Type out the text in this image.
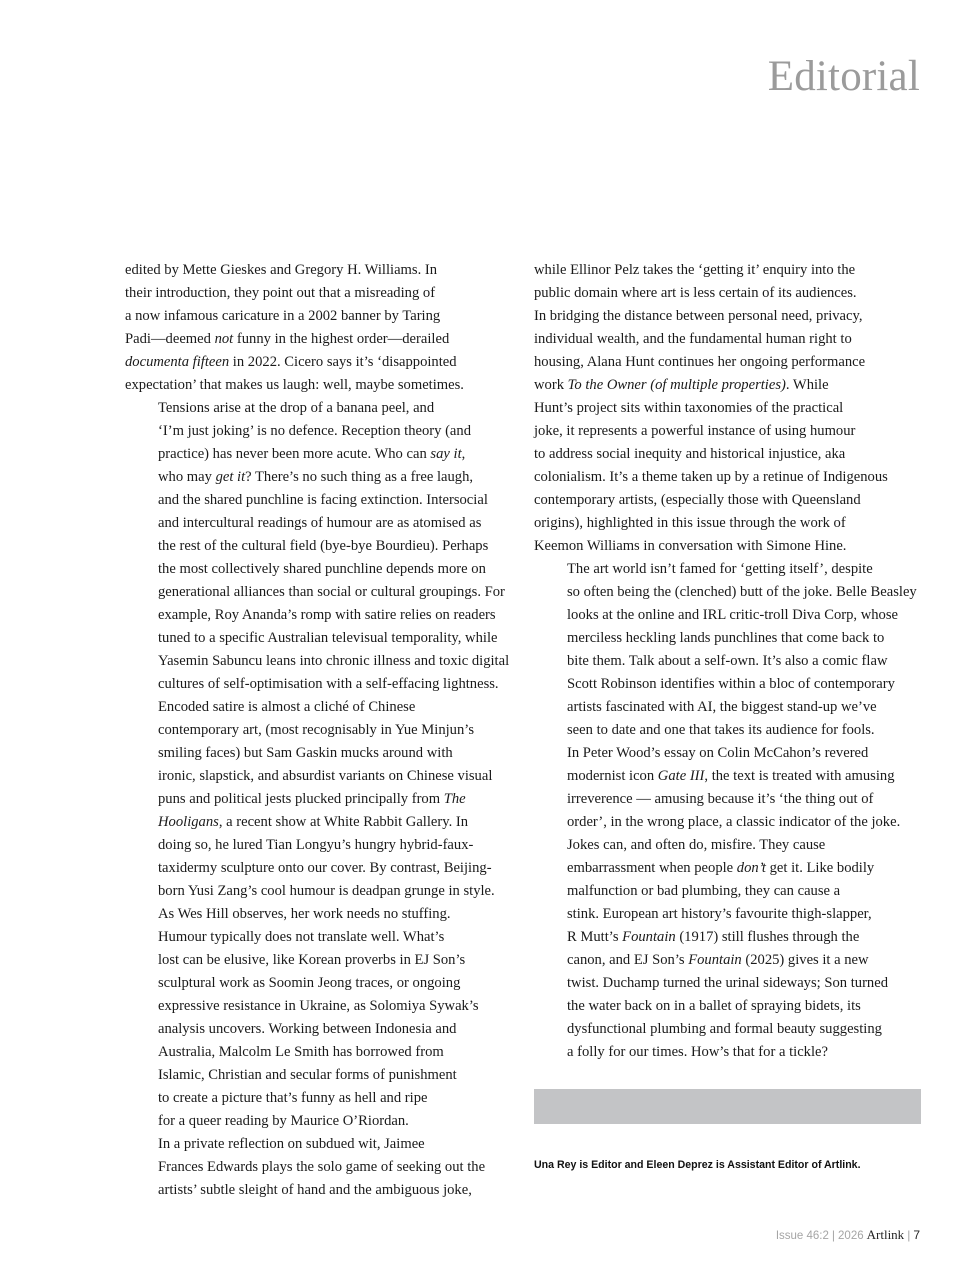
Editorial

edited by Mette Gieskes and Gregory H. Williams. In
their introduction, they point out that a misreading of
a now infamous caricature in a 2002 banner by Taring
Padi—deemed not funny in the highest order—derailed
documenta fifteen in 2022. Cicero says it’s ‘disappointed
expectation’ that makes us laugh: well, maybe sometimes.

Tensions arise at the drop of a banana peel, and
‘I’m just joking’ is no defence. Reception theory (and
practice) has never been more acute. Who can say it,
who may get it? There’s no such thing as a free laugh,
and the shared punchline is facing extinction. Intersocial
and intercultural readings of humour are as atomised as
the rest of the cultural field (bye-bye Bourdieu). Perhaps
the most collectively shared punchline depends more on
generational alliances than social or cultural groupings. For
example, Roy Ananda’s romp with satire relies on readers
tuned to a specific Australian televisual temporality, while
Yasemin Sabuncu leans into chronic illness and toxic digital
cultures of self-optimisation with a self-effacing lightness.

Encoded satire is almost a cliché of Chinese
contemporary art, (most recognisably in Yue Minjun’s
smiling faces) but Sam Gaskin mucks around with
ironic, slapstick, and absurdist variants on Chinese visual
puns and political jests plucked principally from The
Hooligans, a recent show at White Rabbit Gallery. In
doing so, he lured Tian Longyu’s hungry hybrid-faux-
taxidermy sculpture onto our cover. By contrast, Beijing-
born Yusi Zang’s cool humour is deadpan grunge in style.
As Wes Hill observes, her work needs no stuffing.

Humour typically does not translate well. What’s
lost can be elusive, like Korean proverbs in EJ Son’s
sculptural work as Soomin Jeong traces, or ongoing
expressive resistance in Ukraine, as Solomiya Sywak’s
analysis uncovers. Working between Indonesia and
Australia, Malcolm Le Smith has borrowed from
Islamic, Christian and secular forms of punishment
to create a picture that’s funny as hell and ripe
for a queer reading by Maurice O’Riordan.

In a private reflection on subdued wit, Jaimee
Frances Edwards plays the solo game of seeking out the
artists’ subtle sleight of hand and the ambiguous joke,

while Ellinor Pelz takes the ‘getting it’ enquiry into the
public domain where art is less certain of its audiences.
In bridging the distance between personal need, privacy,
individual wealth, and the fundamental human right to
housing, Alana Hunt continues her ongoing performance
work To the Owner (of multiple properties). While
Hunt’s project sits within taxonomies of the practical
joke, it represents a powerful instance of using humour
to address social inequity and historical injustice, aka
colonialism. It’s a theme taken up by a retinue of Indigenous
contemporary artists, (especially those with Queensland
origins), highlighted in this issue through the work of
Keemon Williams in conversation with Simone Hine.

The art world isn’t famed for ‘getting itself’, despite
so often being the (clenched) butt of the joke. Belle Beasley
looks at the online and IRL critic-troll Diva Corp, whose
merciless heckling lands punchlines that come back to
bite them. Talk about a self-own. It’s also a comic flaw
Scott Robinson identifies within a bloc of contemporary
artists fascinated with AI, the biggest stand-up we’ve
seen to date and one that takes its audience for fools.
In Peter Wood’s essay on Colin McCahon’s revered
modernist icon Gate III, the text is treated with amusing
irreverence — amusing because it’s ‘the thing out of
order’, in the wrong place, a classic indicator of the joke.

Jokes can, and often do, misfire. They cause
embarrassment when people don’t get it. Like bodily
malfunction or bad plumbing, they can cause a
stink. European art history’s favourite thigh-slapper,
R Mutt’s Fountain (1917) still flushes through the
canon, and EJ Son’s Fountain (2025) gives it a new
twist. Duchamp turned the urinal sideways; Son turned
the water back on in a ballet of spraying bidets, its
dysfunctional plumbing and formal beauty suggesting
a folly for our times. How’s that for a tickle?

Una Rey is Editor and Eleen Deprez is Assistant Editor of Artlink.
Issue 46:2 | 2026 Artlink | 7
